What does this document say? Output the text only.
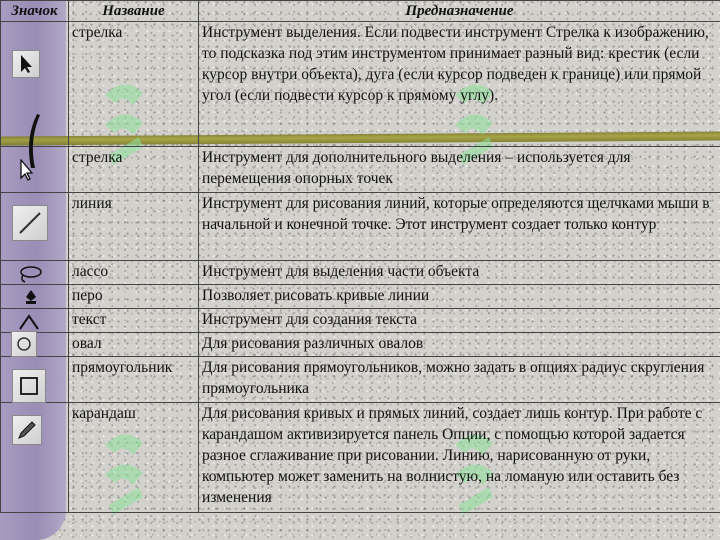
Значок	Название	Предназначение

	стрелка	Инструмент выделения. Если подвести инструмент Стрелка к изображению, то подсказка под этим инструментом принимает разный вид: крестик (если курсор внутри объекта), дуга (если курсор подведен к границе) или прямой угол (если подвести курсор к прямому углу).

	стрелка	Инструмент для дополнительного выделения – используется для перемещения опорных точек

	линия	Инструмент для рисования линий, которые определяются щелчками мыши в начальной и конечной точке. Этот инструмент создает только контур

	лассо	Инструмент для выделения части объекта

	перо	Позволяет рисовать кривые линии

	текст	Инструмент для создания текста

	овал	Для рисования различных овалов

	прямоугольник	Для рисования прямоугольников, можно задать в опциях радиус скругления прямоугольника

	карандаш	Для рисования кривых и прямых линий, создает лишь контур. При работе с карандашом активизируется панель Опции, с помощью которой задается разное сглаживание при рисовании. Линию, нарисованную от руки, компьютер может заменить на волнистую, на ломаную или оставить без изменения
